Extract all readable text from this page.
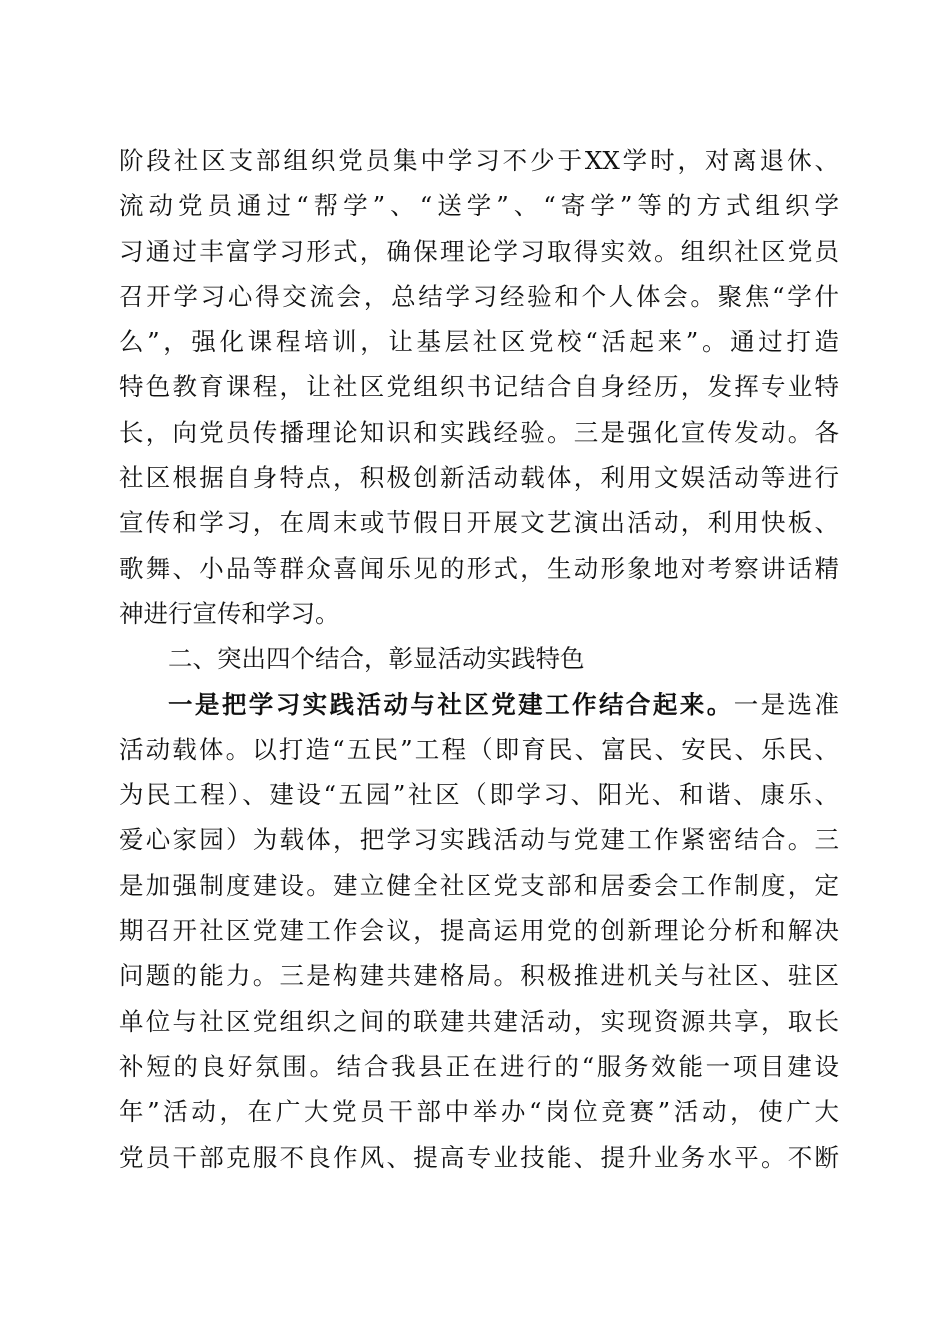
阶段社区支部组织党员集中学习不少于XX学时，对离退休、
流动党员通过“帮学”、“送学”、“寄学”等的方式组织学
习通过丰富学习形式，确保理论学习取得实效。组织社区党员
召开学习心得交流会，总结学习经验和个人体会。聚焦“学什
么”，强化课程培训，让基层社区党校“活起来”。通过打造
特色教育课程，让社区党组织书记结合自身经历，发挥专业特
长，向党员传播理论知识和实践经验。三是强化宣传发动。各
社区根据自身特点，积极创新活动载体，利用文娱活动等进行
宣传和学习，在周末或节假日开展文艺演出活动，利用快板、
歌舞、小品等群众喜闻乐见的形式，生动形象地对考察讲话精
神进行宣传和学习。
二、突出四个结合，彰显活动实践特色
一是把学习实践活动与社区党建工作结合起来。一是选准
活动载体。以打造“五民”工程（即育民、富民、安民、乐民、
为民工程）、建设“五园”社区（即学习、阳光、和谐、康乐、
爱心家园）为载体，把学习实践活动与党建工作紧密结合。三
是加强制度建设。建立健全社区党支部和居委会工作制度，定
期召开社区党建工作会议，提高运用党的创新理论分析和解决
问题的能力。三是构建共建格局。积极推进机关与社区、驻区
单位与社区党组织之间的联建共建活动，实现资源共享，取长
补短的良好氛围。结合我县正在进行的“服务效能一项目建设
年”活动，在广大党员干部中举办“岗位竞赛”活动，使广大
党员干部克服不良作风、提高专业技能、提升业务水平。不断
